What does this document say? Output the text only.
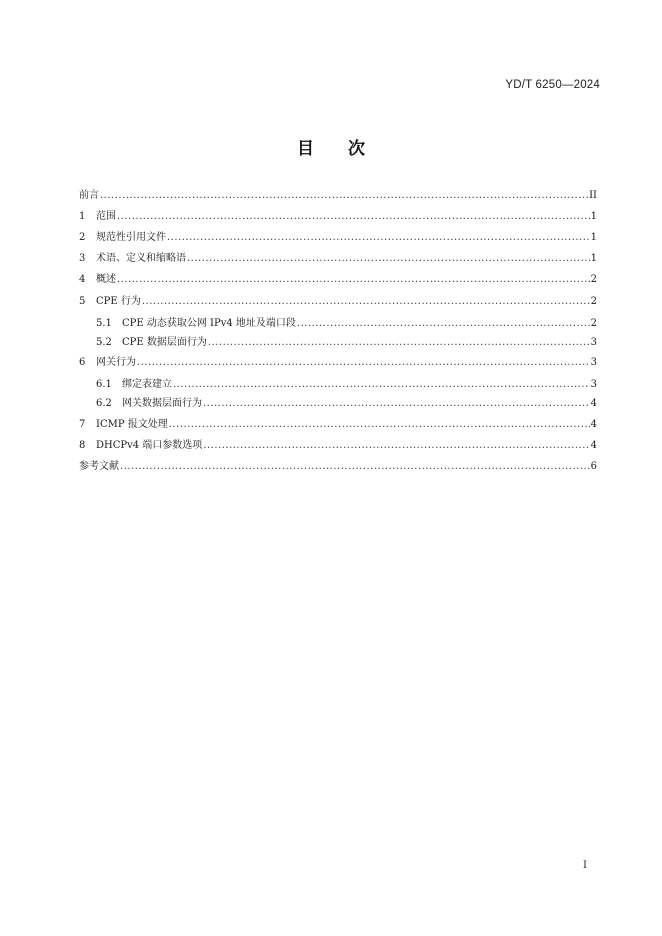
YD/T 6250—2024
目次
前言 .....	II
1	范围 .....	1
2	规范性引用文件 .....	1
3	术语、定义和缩略语 .....	1
4	概述 .....	2
5	CPE 行为 .....	2
5.1	CPE 动态获取公网 IPv4 地址及端口段 .....	2
5.2	CPE 数据层面行为 .....	3
6	网关行为 .....	3
6.1	绑定表建立 .....	3
6.2	网关数据层面行为 .....	4
7	ICMP 报文处理 .....	4
8	DHCPv4 端口参数选项 .....	4
参考文献 .....	6
I
